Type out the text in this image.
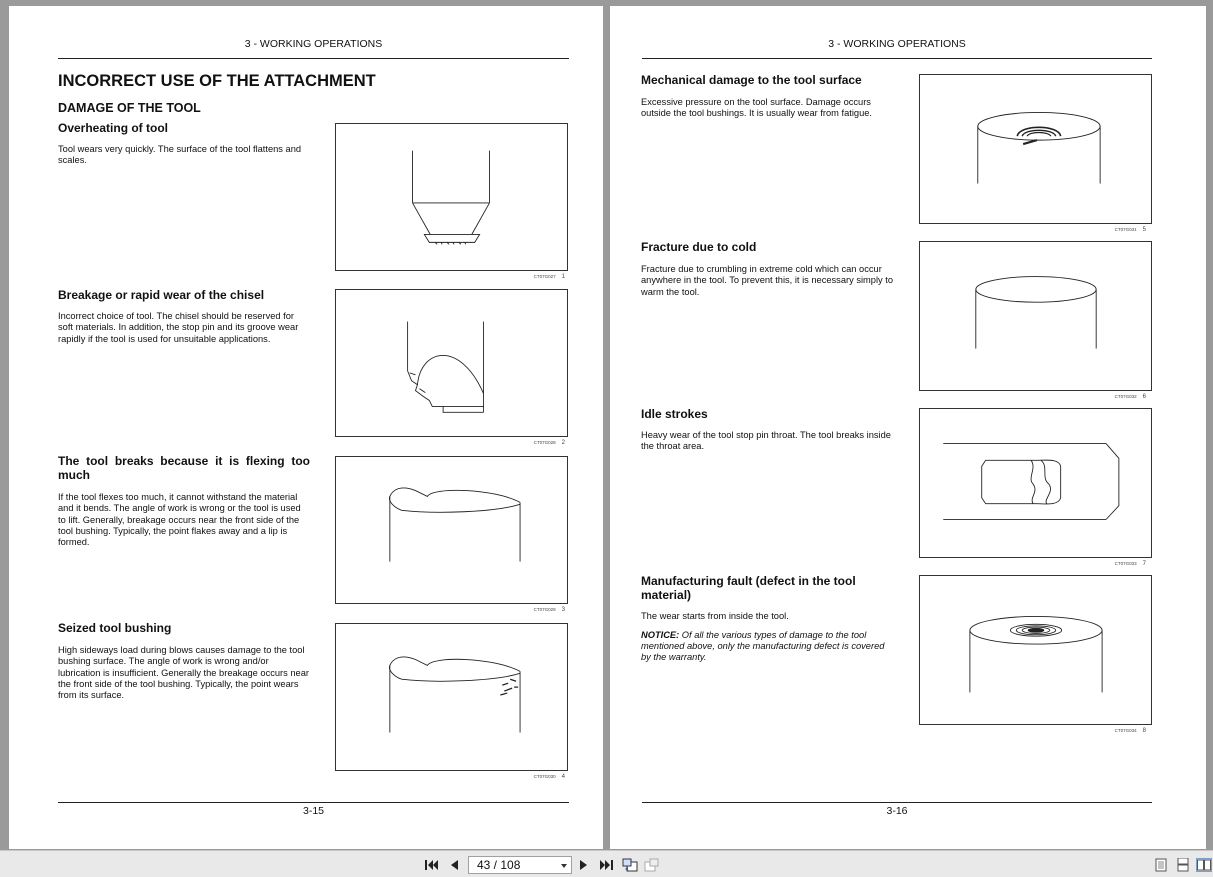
3 - WORKING OPERATIONS
INCORRECT USE OF THE ATTACHMENT
DAMAGE OF THE TOOL
Overheating of tool
Tool wears very quickly. The surface of the tool flattens and scales.
CT07G027 1
Breakage or rapid wear of the chisel
Incorrect choice of tool. The chisel should be reserved for soft materials. In addition, the stop pin and its groove wear rapidly if the tool is used for unsuitable applications.
CT07G028 2
The tool breaks because it is flexing too much
If the tool flexes too much, it cannot withstand the material and it bends. The angle of work is wrong or the tool is used to lift. Generally, breakage occurs near the front side of the tool bushing. Typically, the point flakes away and a lip is formed.
CT07G029 3
Seized tool bushing
High sideways load during blows causes damage to the tool bushing surface. The angle of work is wrong and/or lubrication is insufficient. Generally the breakage occurs near the front side of the tool bushing. Typically, the point wears from its surface.
CT07G030 4
3-15
3 - WORKING OPERATIONS
Mechanical damage to the tool surface
Excessive pressure on the tool surface. Damage occurs outside the tool bushings. It is usually wear from fatigue.
CT07G031 5
Fracture due to cold
Fracture due to crumbling in extreme cold which can occur anywhere in the tool. To prevent this, it is necessary simply to warm the tool.
CT07G032 6
Idle strokes
Heavy wear of the tool stop pin throat. The tool breaks inside the throat area.
CT07G033 7
Manufacturing fault (defect in the tool material)
The wear starts from inside the tool.
NOTICE: Of all the various types of damage to the tool mentioned above, only the manufacturing defect is covered by the warranty.
CT07G034 8
3-16
43 / 108
